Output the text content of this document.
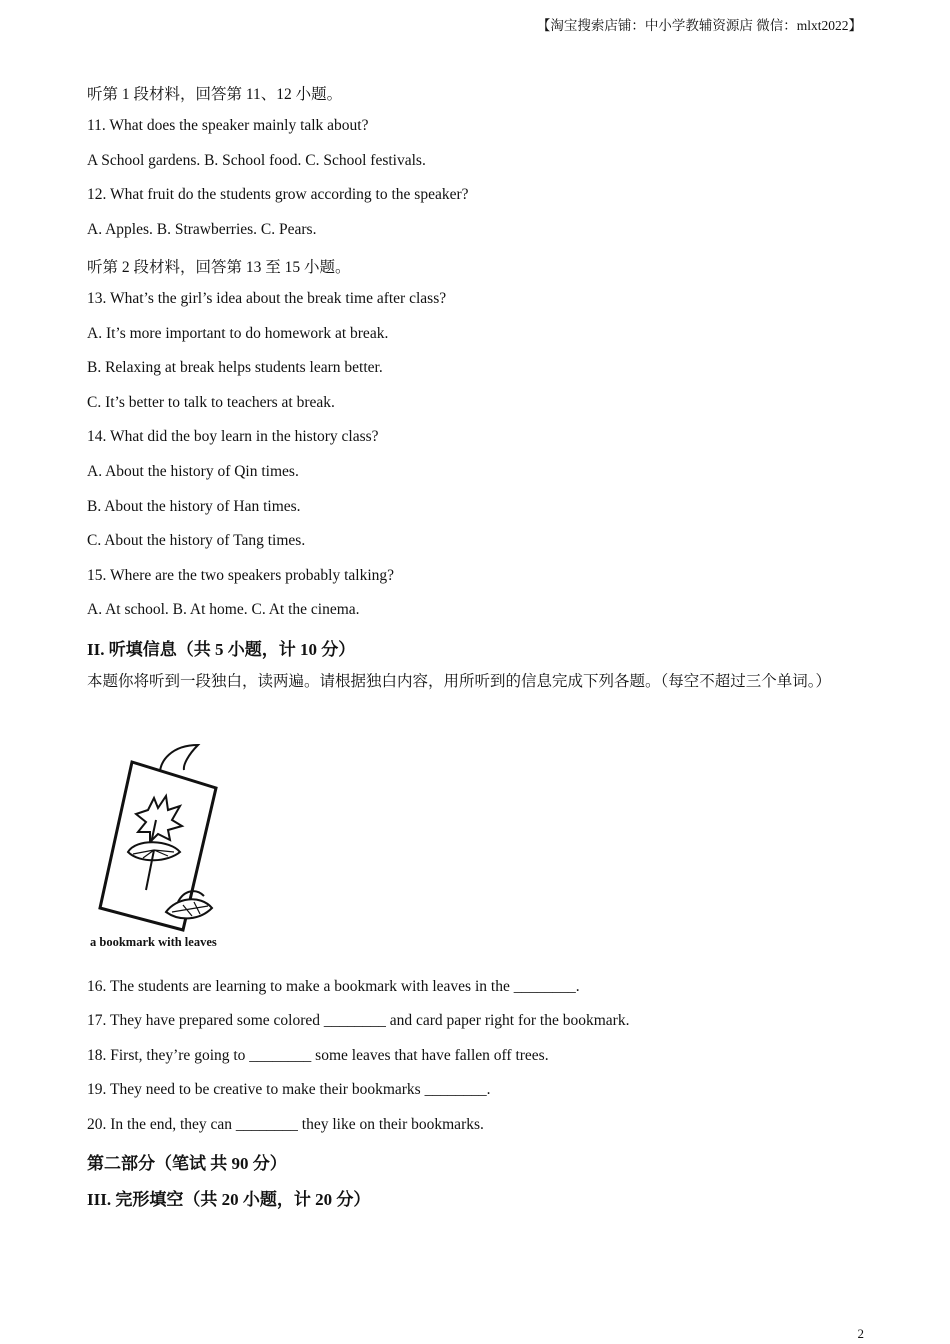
【淘宝搜索店铺：中小学教辅资源店 微信：mlxt2022】
听第 1 段材料，回答第 11、12 小题。
11. What does the speaker mainly talk about?
A School gardens. B. School food. C. School festivals.
12. What fruit do the students grow according to the speaker?
A. Apples. B. Strawberries. C. Pears.
听第 2 段材料，回答第 13 至 15 小题。
13. What’s the girl’s idea about the break time after class?
A. It’s more important to do homework at break.
B. Relaxing at break helps students learn better.
C. It’s better to talk to teachers at break.
14. What did the boy learn in the history class?
A. About the history of Qin times.
B. About the history of Han times.
C. About the history of Tang times.
15. Where are the two speakers probably talking?
A. At school. B. At home. C. At the cinema.
II. 听填信息（共 5 小题，计 10 分）
本题你将听到一段独白，读两遍。请根据独白内容，用所听到的信息完成下列各题。（每空不超过三个单词。）
a bookmark with leaves
16. The students are learning to make a bookmark with leaves in the ________.
17. They have prepared some colored ________ and card paper right for the bookmark.
18. First, they’re going to ________ some leaves that have fallen off trees.
19. They need to be creative to make their bookmarks ________.
20. In the end, they can ________ they like on their bookmarks.
第二部分（笔试 共 90 分）
III. 完形填空（共 20 小题，计 20 分）
2
